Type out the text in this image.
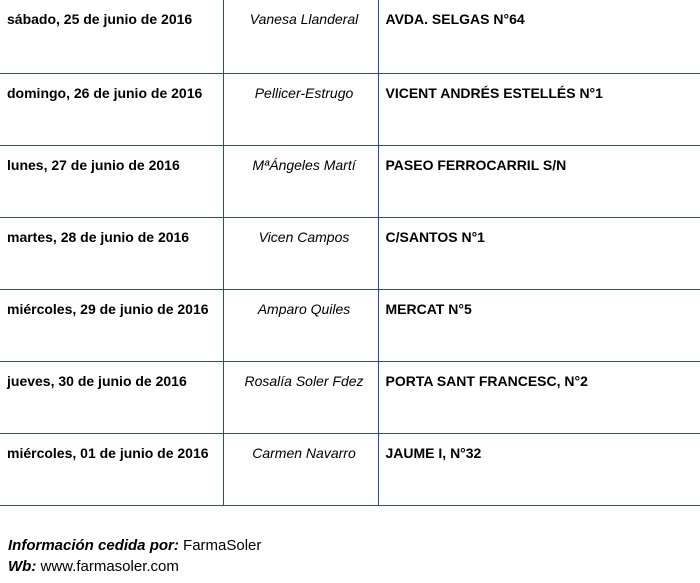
sábado, 25 de junio de 2016	Vanesa Llanderal	AVDA. SELGAS N°64
domingo, 26 de junio de 2016	Pellicer-Estrugo	VICENT ANDRÉS ESTELLÉS N°1
lunes, 27 de junio de 2016	MªÁngeles Martí	PASEO FERROCARRIL S/N
martes, 28 de junio de 2016	Vicen Campos	C/SANTOS N°1
miércoles, 29 de junio de 2016	Amparo Quiles	MERCAT N°5
jueves, 30 de junio de 2016	Rosalía Soler Fdez	PORTA SANT FRANCESC, N°2
miércoles, 01 de junio de 2016	Carmen Navarro	JAUME I, N°32
Información cedida por: FarmaSoler
Wb: www.farmasoler.com
